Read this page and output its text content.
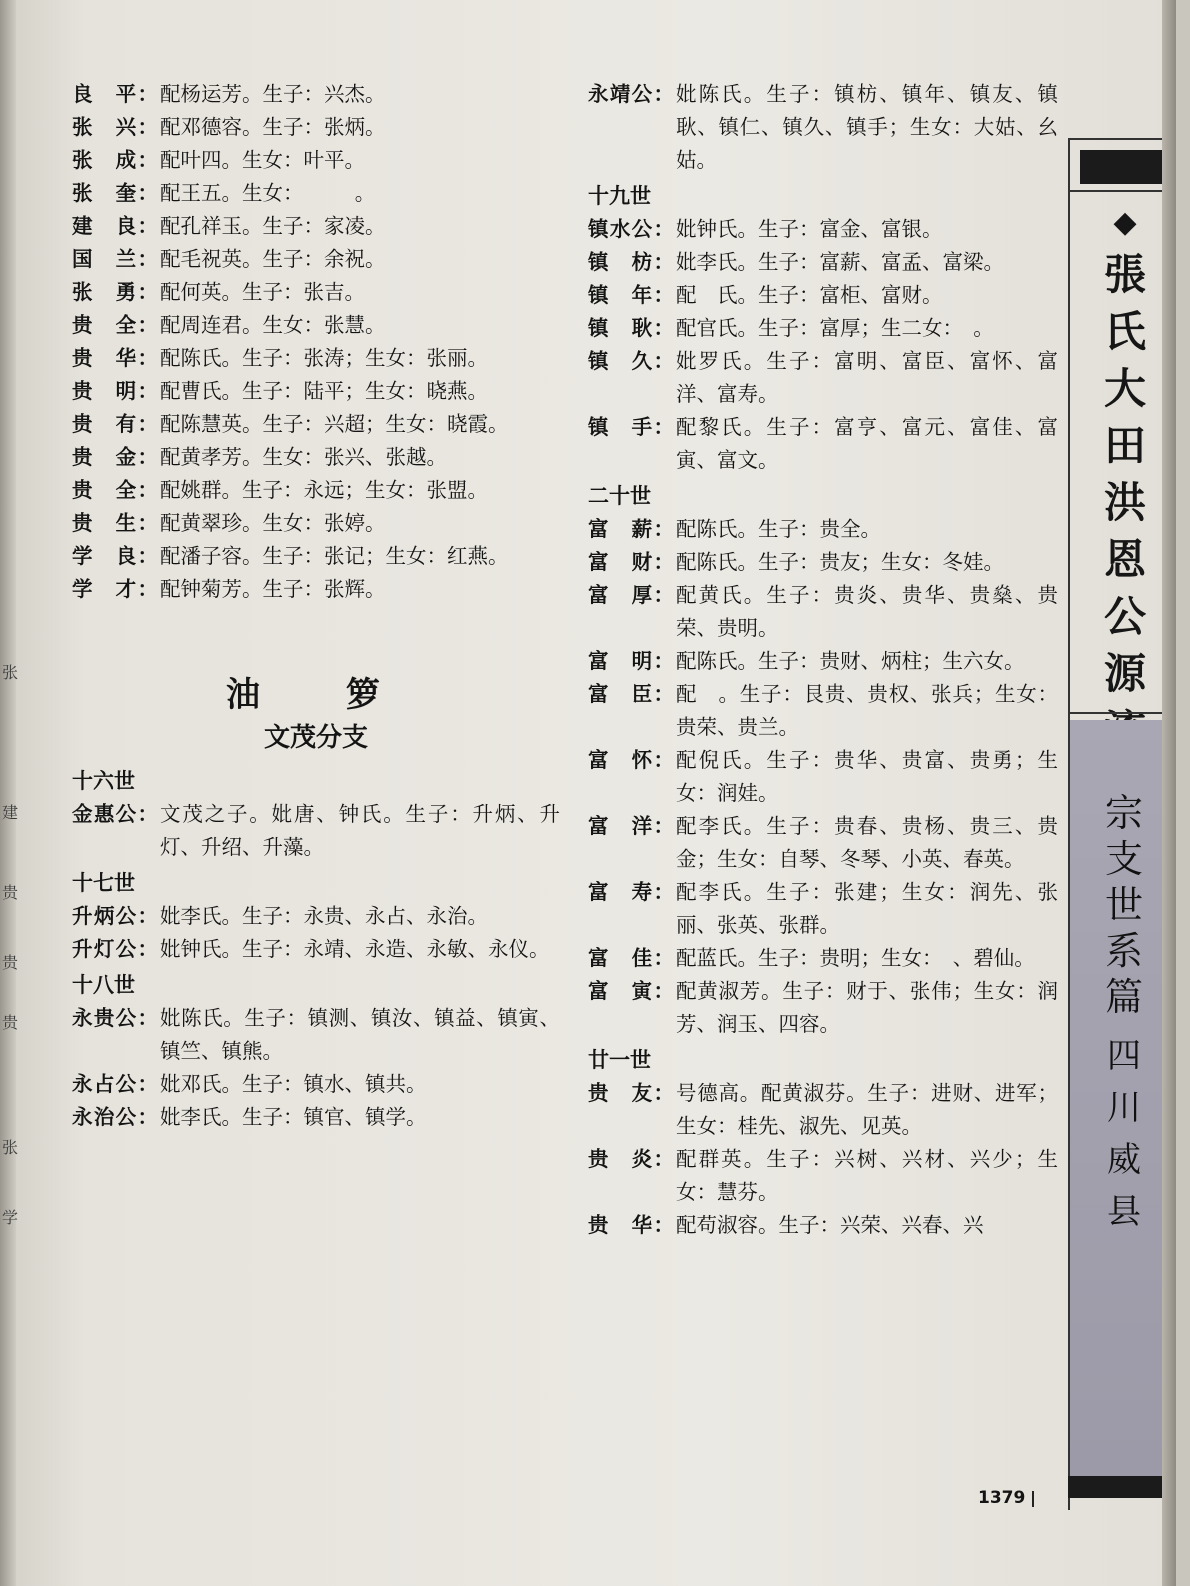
良　平： 配杨运芳。生子：兴杰。
张　兴： 配邓德容。生子：张炳。
张　成： 配叶四。生女：叶平。
张　奎： 配王五。生女：　　　。
建　良： 配孔祥玉。生子：家凌。
国　兰： 配毛祝英。生子：余祝。
张　勇： 配何英。生子：张吉。
贵　全： 配周连君。生女：张慧。
贵　华： 配陈氏。生子：张涛；生女：张丽。
贵　明： 配曹氏。生子：陆平；生女：晓燕。
贵　有： 配陈慧英。生子：兴超；生女：晓霞。
贵　金： 配黄孝芳。生女：张兴、张越。
贵　全： 配姚群。生子：永远；生女：张盟。
贵　生： 配黄翠珍。生女：张婷。
学　良： 配潘子容。生子：张记；生女：红燕。
学　才： 配钟菊芳。生子：张辉。
油　箩
文茂分支
十六世
金惠公： 文茂之子。妣唐、钟氏。生子：升炳、升灯、升绍、升藻。
十七世
升炳公： 妣李氏。生子：永贵、永占、永治。
升灯公： 妣钟氏。生子：永靖、永造、永敏、永仪。
十八世
永贵公： 妣陈氏。生子：镇测、镇汝、镇益、镇寅、镇竺、镇熊。
永占公： 妣邓氏。生子：镇水、镇共。
永治公： 妣李氏。生子：镇官、镇学。
永靖公： 妣陈氏。生子：镇枋、镇年、镇友、镇耿、镇仁、镇久、镇手；生女：大姑、幺姑。
十九世
镇水公： 妣钟氏。生子：富金、富银。
镇　枋： 妣李氏。生子：富薪、富孟、富梁。
镇　年： 配　氏。生子：富柜、富财。
镇　耿： 配官氏。生子：富厚；生二女：　。
镇　久： 妣罗氏。生子：富明、富臣、富怀、富洋、富寿。
镇　手： 配黎氏。生子：富亨、富元、富佳、富寅、富文。
二十世
富　薪： 配陈氏。生子：贵全。
富　财： 配陈氏。生子：贵友；生女：冬娃。
富　厚： 配黄氏。生子：贵炎、贵华、贵燊、贵荣、贵明。
富　明： 配陈氏。生子：贵财、炳柱；生六女。
富　臣： 配　。生子：艮贵、贵权、张兵；生女：贵荣、贵兰。
富　怀： 配倪氏。生子：贵华、贵富、贵勇；生女：润娃。
富　洋： 配李氏。生子：贵春、贵杨、贵三、贵金；生女：自琴、冬琴、小英、春英。
富　寿： 配李氏。生子：张建；生女：润先、张丽、张英、张群。
富　佳： 配蓝氏。生子：贵明；生女：　、碧仙。
富　寅： 配黄淑芳。生子：财于、张伟；生女：润芳、润玉、四容。
廿一世
贵　友： 号德高。配黄淑芬。生子：进财、进军；生女：桂先、淑先、见英。
贵　炎： 配群英。生子：兴树、兴材、兴少；生女：慧芬。
贵　华： 配苟淑容。生子：兴荣、兴春、兴
◆
張
氏
大
田
洪
恩
公
源
宗
支
世
系
篇
四
川
威
县
1379
张
建
贵
贵
贵
张
学
